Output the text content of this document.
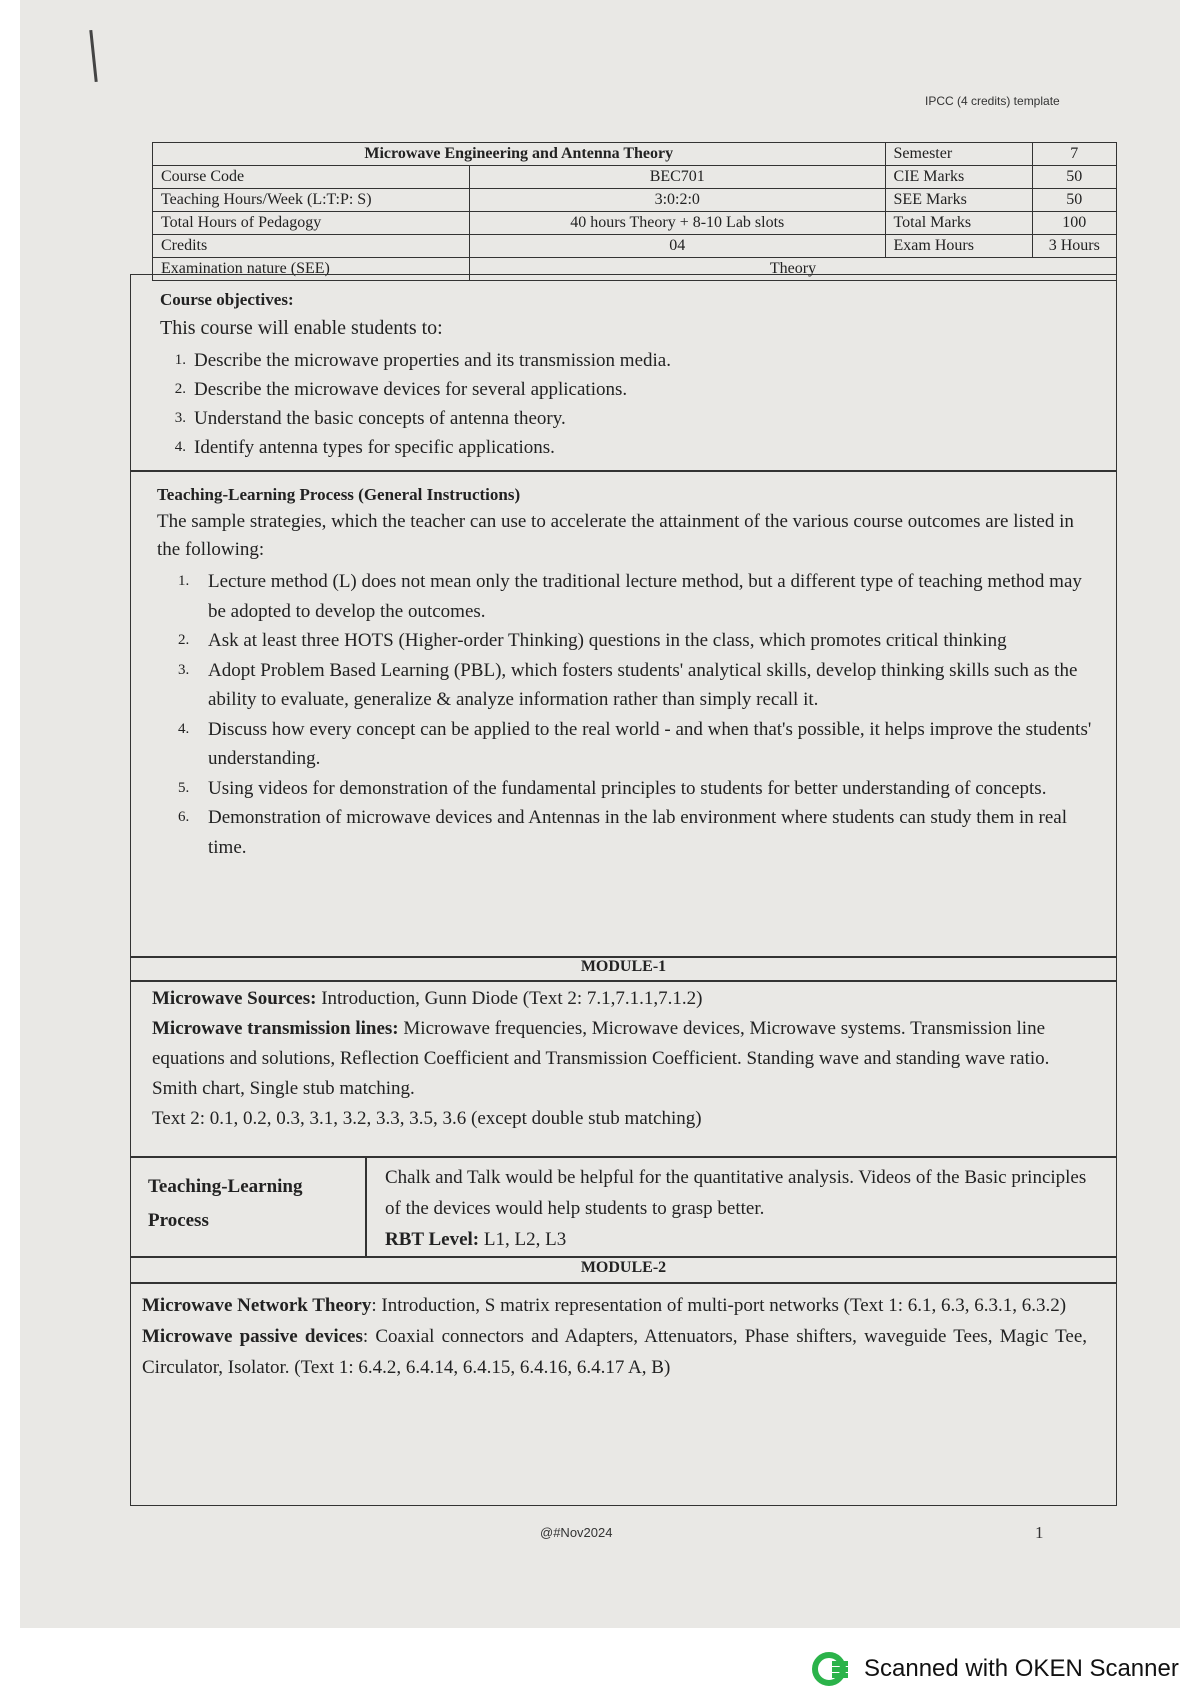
IPCC (4 credits) template
Microwave Engineering and Antenna Theory		Semester	7
Course Code	BEC701	CIE Marks	50
Teaching Hours/Week (L:T:P: S)	3:0:2:0	SEE Marks	50
Total Hours of Pedagogy	40 hours Theory + 8-10 Lab slots	Total Marks	100
Credits	04	Exam Hours	3 Hours
Examination nature (SEE)	Theory		
Course objectives:
This course will enable students to:
1. Describe the microwave properties and its transmission media.
2. Describe the microwave devices for several applications.
3. Understand the basic concepts of antenna theory.
4. Identify antenna types for specific applications.
Teaching-Learning Process (General Instructions)
The sample strategies, which the teacher can use to accelerate the attainment of the various course outcomes are listed in the following:
1. Lecture method (L) does not mean only the traditional lecture method, but a different type of teaching method may be adopted to develop the outcomes.
2. Ask at least three HOTS (Higher-order Thinking) questions in the class, which promotes critical thinking
3. Adopt Problem Based Learning (PBL), which fosters students' analytical skills, develop thinking skills such as the ability to evaluate, generalize & analyze information rather than simply recall it.
4. Discuss how every concept can be applied to the real world - and when that's possible, it helps improve the students' understanding.
5. Using videos for demonstration of the fundamental principles to students for better understanding of concepts.
6. Demonstration of microwave devices and Antennas in the lab environment where students can study them in real time.
MODULE-1
Microwave Sources: Introduction, Gunn Diode (Text 2: 7.1,7.1.1,7.1.2)
Microwave transmission lines: Microwave frequencies, Microwave devices, Microwave systems. Transmission line equations and solutions, Reflection Coefficient and Transmission Coefficient. Standing wave and standing wave ratio. Smith chart, Single stub matching.
Text 2: 0.1, 0.2, 0.3, 3.1, 3.2, 3.3, 3.5, 3.6 (except double stub matching)
Teaching-Learning Process
Chalk and Talk would be helpful for the quantitative analysis. Videos of the Basic principles of the devices would help students to grasp better.
RBT Level: L1, L2, L3
MODULE-2
Microwave Network Theory: Introduction, S matrix representation of multi-port networks (Text 1: 6.1, 6.3, 6.3.1, 6.3.2)
Microwave passive devices: Coaxial connectors and Adapters, Attenuators, Phase shifters, waveguide Tees, Magic Tee, Circulator, Isolator. (Text 1: 6.4.2, 6.4.14, 6.4.15, 6.4.16, 6.4.17 A, B)
@#Nov2024	1
Scanned with OKEN Scanner
